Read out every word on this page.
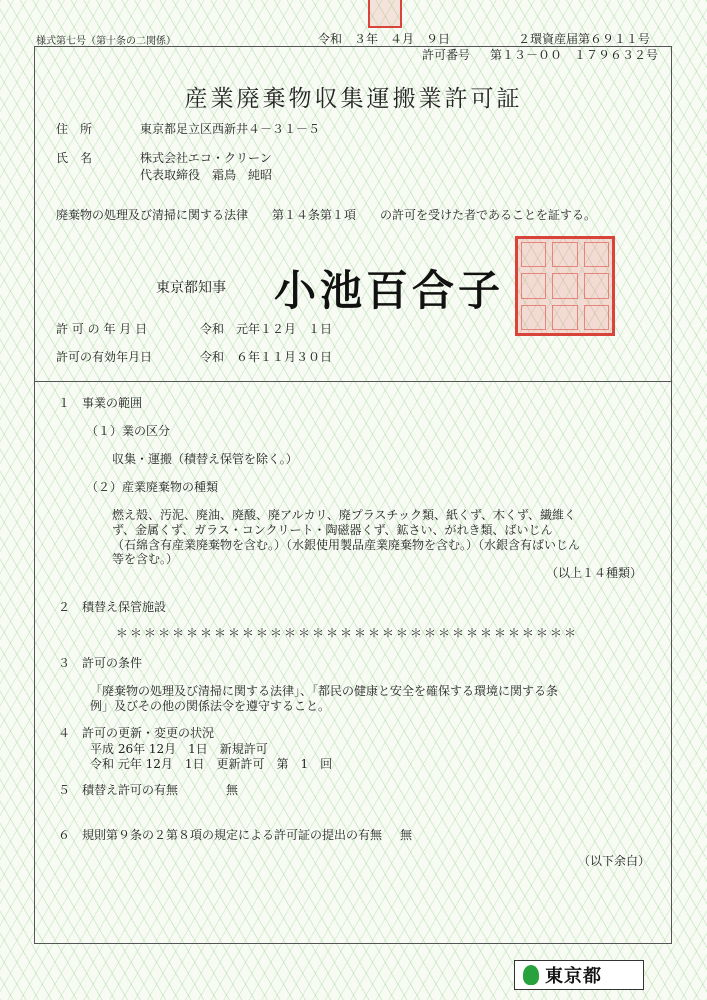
様式第七号（第十条の二関係）	令和　３年　４月　９日	２環資産届第６９１１号
許可番号 第１３－００　１７９６３２号
産業廃棄物収集運搬業許可証
住　所	東京都足立区西新井４－３１－５
氏　名	株式会社エコ・クリーン
代表取締役　霜鳥　純昭
廃棄物の処理及び清掃に関する法律　　第１４条第１項　　の許可を受けた者であることを証する。
東京都知事 小池百合子
許 可 の 年 月 日	令和　元年１２月　１日
許可の有効年月日	令和　６年１１月３０日
１　事業の範囲
（１）業の区分
収集・運搬（積替え保管を除く。）
（２）産業廃棄物の種類
燃え殻、汚泥、廃油、廃酸、廃アルカリ、廃プラスチック類、紙くず、木くず、繊維く
ず、金属くず、ガラス・コンクリート・陶磁器くず、鉱さい、がれき類、ばいじん
（石綿含有産業廃棄物を含む。）（水銀使用製品産業廃棄物を含む。）（水銀含有ばいじん
等を含む。）
（以上１４種類）
２　積替え保管施設
＊＊＊＊＊＊＊＊＊＊＊＊＊＊＊＊＊＊＊＊＊＊＊＊＊＊＊＊＊＊＊＊＊
３　許可の条件
「廃棄物の処理及び清掃に関する法律」、「都民の健康と安全を確保する環境に関する条
例」及びその他の関係法令を遵守すること。
４　許可の更新・変更の状況
平成 26年 12月　1日　新規許可
令和 元年 12月　1日　更新許可　第　1　回
５　積替え許可の有無	無
６　規則第９条の２第８項の規定による許可証の提出の有無 無
（以下余白）
東京都
